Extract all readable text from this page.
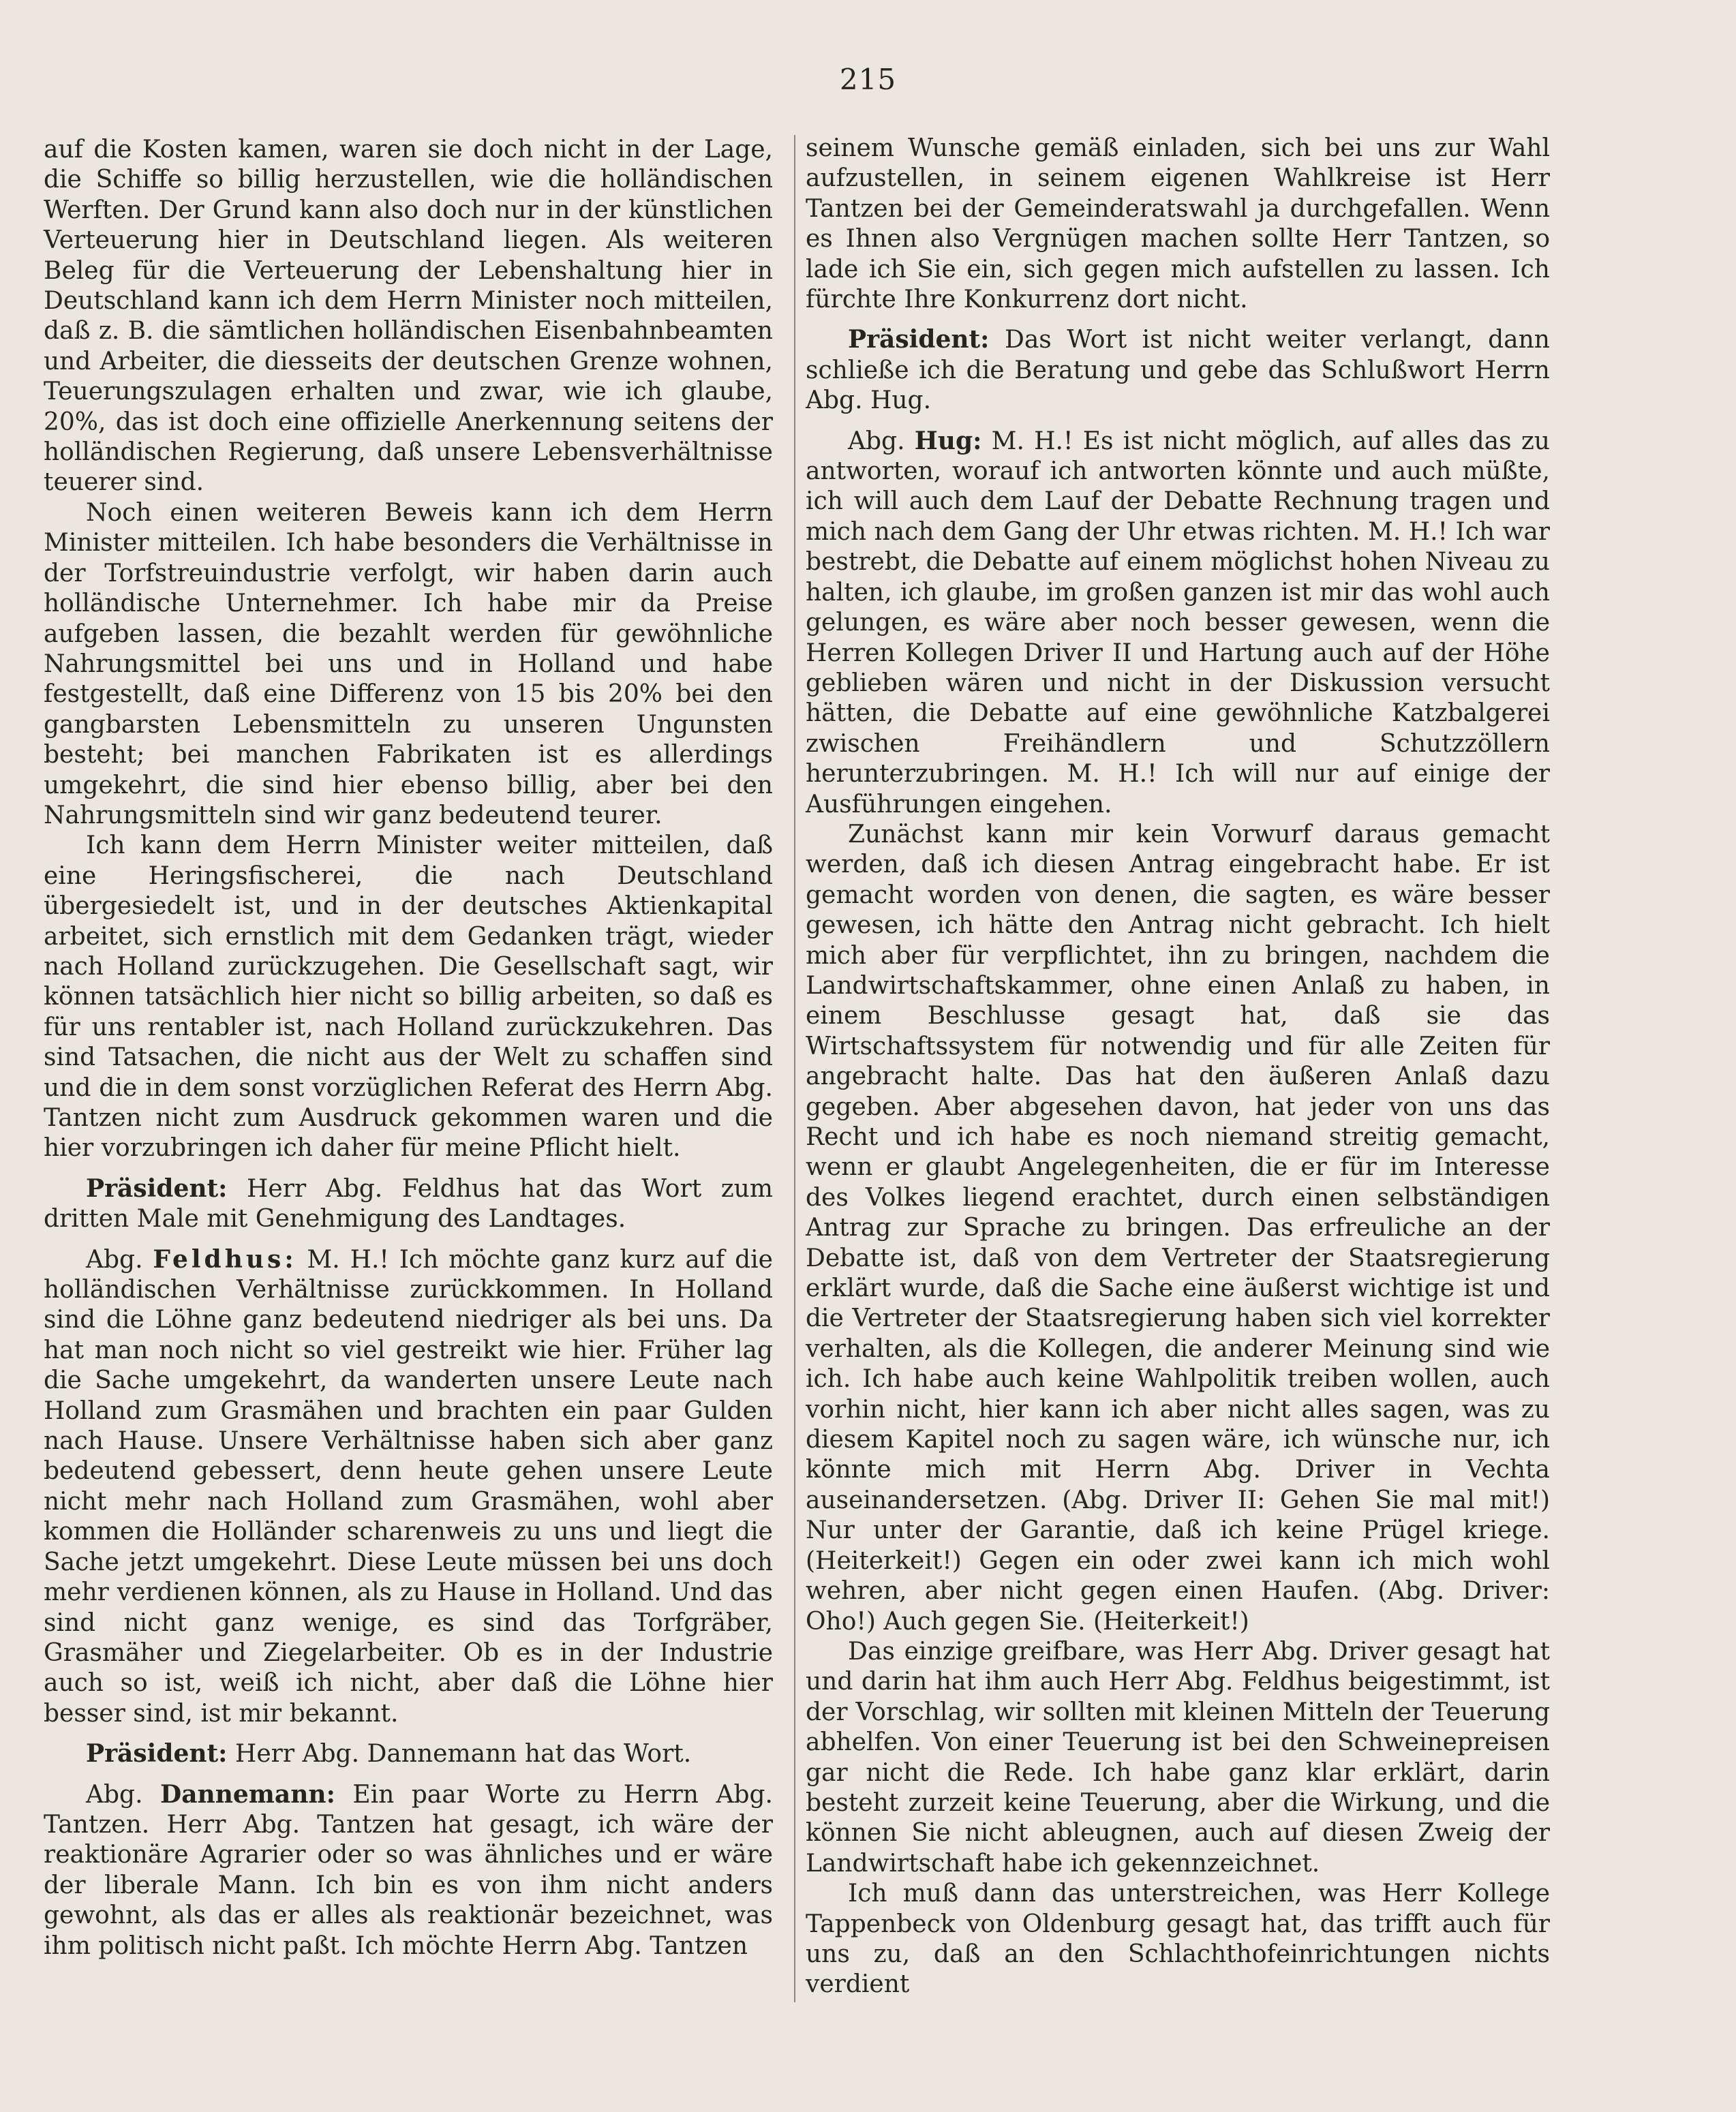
215

auf die Kosten kamen, waren sie doch nicht in der Lage, die Schiffe so billig herzustellen, wie die holländischen Werften. Der Grund kann also doch nur in der künstlichen Verteuerung hier in Deutschland liegen. Als weiteren Beleg für die Verteuerung der Lebenshaltung hier in Deutschland kann ich dem Herrn Minister noch mitteilen, daß z. B. die sämtlichen holländischen Eisenbahnbeamten und Arbeiter, die diesseits der deutschen Grenze wohnen, Teuerungszulagen erhalten und zwar, wie ich glaube, 20%, das ist doch eine offizielle Anerkennung seitens der holländischen Regierung, daß unsere Lebensverhältnisse teuerer sind.

Noch einen weiteren Beweis kann ich dem Herrn Minister mitteilen. Ich habe besonders die Verhältnisse in der Torfstreuindustrie verfolgt, wir haben darin auch holländische Unternehmer. Ich habe mir da Preise aufgeben lassen, die bezahlt werden für gewöhnliche Nahrungsmittel bei uns und in Holland und habe festgestellt, daß eine Differenz von 15 bis 20% bei den gangbarsten Lebensmitteln zu unseren Ungunsten besteht; bei manchen Fabrikaten ist es allerdings umgekehrt, die sind hier ebenso billig, aber bei den Nahrungsmitteln sind wir ganz bedeutend teurer.

Ich kann dem Herrn Minister weiter mitteilen, daß eine Heringsfischerei, die nach Deutschland übergesiedelt ist, und in der deutsches Aktienkapital arbeitet, sich ernstlich mit dem Gedanken trägt, wieder nach Holland zurückzugehen. Die Gesellschaft sagt, wir können tatsächlich hier nicht so billig arbeiten, so daß es für uns rentabler ist, nach Holland zurückzukehren. Das sind Tatsachen, die nicht aus der Welt zu schaffen sind und die in dem sonst vorzüglichen Referat des Herrn Abg. Tantzen nicht zum Ausdruck gekommen waren und die hier vorzubringen ich daher für meine Pflicht hielt.

Präsident: Herr Abg. Feldhus hat das Wort zum dritten Male mit Genehmigung des Landtages.

Abg. Feldhus: M. H.! Ich möchte ganz kurz auf die holländischen Verhältnisse zurückkommen. In Holland sind die Löhne ganz bedeutend niedriger als bei uns. Da hat man noch nicht so viel gestreikt wie hier. Früher lag die Sache umgekehrt, da wanderten unsere Leute nach Holland zum Grasmähen und brachten ein paar Gulden nach Hause. Unsere Verhältnisse haben sich aber ganz bedeutend gebessert, denn heute gehen unsere Leute nicht mehr nach Holland zum Grasmähen, wohl aber kommen die Holländer scharenweis zu uns und liegt die Sache jetzt umgekehrt. Diese Leute müssen bei uns doch mehr verdienen können, als zu Hause in Holland. Und das sind nicht ganz wenige, es sind das Torfgräber, Grasmäher und Ziegelarbeiter. Ob es in der Industrie auch so ist, weiß ich nicht, aber daß die Löhne hier besser sind, ist mir bekannt.

Präsident: Herr Abg. Dannemann hat das Wort.

Abg. Dannemann: Ein paar Worte zu Herrn Abg. Tantzen. Herr Abg. Tantzen hat gesagt, ich wäre der reaktionäre Agrarier oder so was ähnliches und er wäre der liberale Mann. Ich bin es von ihm nicht anders gewohnt, als das er alles als reaktionär bezeichnet, was ihm politisch nicht paßt. Ich möchte Herrn Abg. Tantzen

seinem Wunsche gemäß einladen, sich bei uns zur Wahl aufzustellen, in seinem eigenen Wahlkreise ist Herr Tantzen bei der Gemeinderatswahl ja durchgefallen. Wenn es Ihnen also Vergnügen machen sollte Herr Tantzen, so lade ich Sie ein, sich gegen mich aufstellen zu lassen. Ich fürchte Ihre Konkurrenz dort nicht.

Präsident: Das Wort ist nicht weiter verlangt, dann schließe ich die Beratung und gebe das Schlußwort Herrn Abg. Hug.

Abg. Hug: M. H.! Es ist nicht möglich, auf alles das zu antworten, worauf ich antworten könnte und auch müßte, ich will auch dem Lauf der Debatte Rechnung tragen und mich nach dem Gang der Uhr etwas richten. M. H.! Ich war bestrebt, die Debatte auf einem möglichst hohen Niveau zu halten, ich glaube, im großen ganzen ist mir das wohl auch gelungen, es wäre aber noch besser gewesen, wenn die Herren Kollegen Driver II und Hartung auch auf der Höhe geblieben wären und nicht in der Diskussion versucht hätten, die Debatte auf eine gewöhnliche Katzbalgerei zwischen Freihändlern und Schutzzöllern herunterzubringen. M. H.! Ich will nur auf einige der Ausführungen eingehen.

Zunächst kann mir kein Vorwurf daraus gemacht werden, daß ich diesen Antrag eingebracht habe. Er ist gemacht worden von denen, die sagten, es wäre besser gewesen, ich hätte den Antrag nicht gebracht. Ich hielt mich aber für verpflichtet, ihn zu bringen, nachdem die Landwirtschaftskammer, ohne einen Anlaß zu haben, in einem Beschlusse gesagt hat, daß sie das Wirtschaftssystem für notwendig und für alle Zeiten für angebracht halte. Das hat den äußeren Anlaß dazu gegeben. Aber abgesehen davon, hat jeder von uns das Recht und ich habe es noch niemand streitig gemacht, wenn er glaubt Angelegenheiten, die er für im Interesse des Volkes liegend erachtet, durch einen selbständigen Antrag zur Sprache zu bringen. Das erfreuliche an der Debatte ist, daß von dem Vertreter der Staatsregierung erklärt wurde, daß die Sache eine äußerst wichtige ist und die Vertreter der Staatsregierung haben sich viel korrekter verhalten, als die Kollegen, die anderer Meinung sind wie ich. Ich habe auch keine Wahlpolitik treiben wollen, auch vorhin nicht, hier kann ich aber nicht alles sagen, was zu diesem Kapitel noch zu sagen wäre, ich wünsche nur, ich könnte mich mit Herrn Abg. Driver in Vechta auseinandersetzen. (Abg. Driver II: Gehen Sie mal mit!) Nur unter der Garantie, daß ich keine Prügel kriege. (Heiterkeit!) Gegen ein oder zwei kann ich mich wohl wehren, aber nicht gegen einen Haufen. (Abg. Driver: Oho!) Auch gegen Sie. (Heiterkeit!)

Das einzige greifbare, was Herr Abg. Driver gesagt hat und darin hat ihm auch Herr Abg. Feldhus beigestimmt, ist der Vorschlag, wir sollten mit kleinen Mitteln der Teuerung abhelfen. Von einer Teuerung ist bei den Schweinepreisen gar nicht die Rede. Ich habe ganz klar erklärt, darin besteht zurzeit keine Teuerung, aber die Wirkung, und die können Sie nicht ableugnen, auch auf diesen Zweig der Landwirtschaft habe ich gekennzeichnet.

Ich muß dann das unterstreichen, was Herr Kollege Tappenbeck von Oldenburg gesagt hat, das trifft auch für uns zu, daß an den Schlachthofeinrichtungen nichts verdient
